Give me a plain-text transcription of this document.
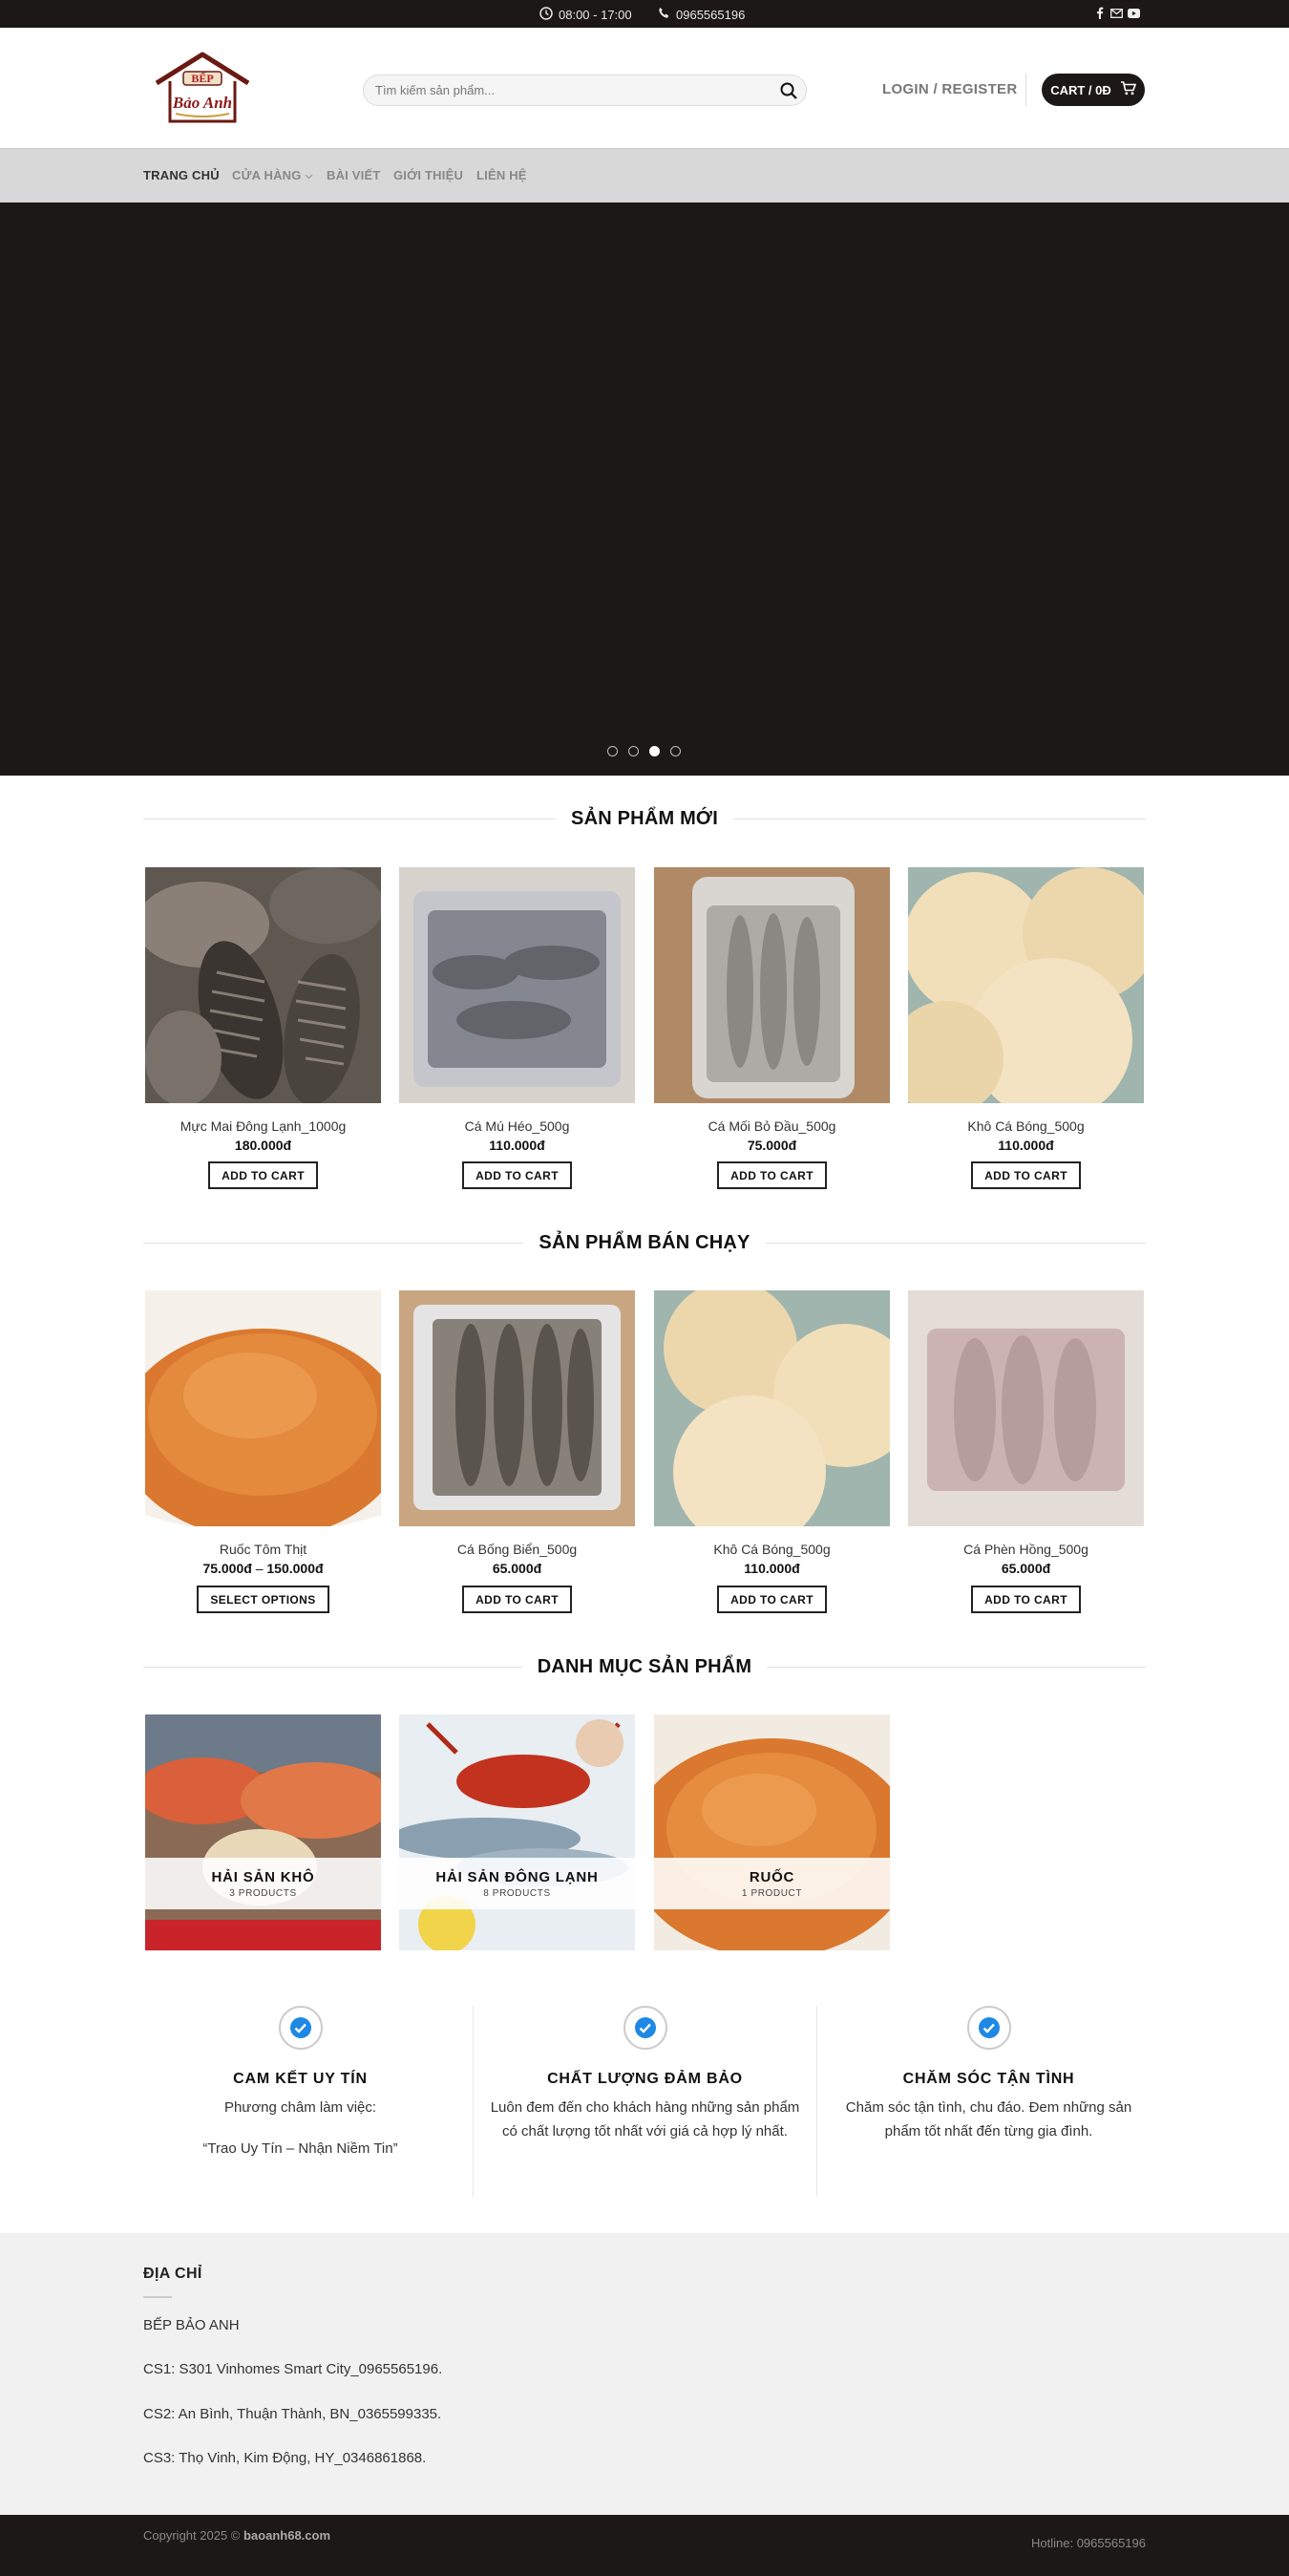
08:00 - 17:00	0965565196
BẾP
Bảo Anh
Tìm kiếm sản phẩm...
LOGIN / REGISTER	CART / 0Đ
TRANG CHỦ CỬA HÀNG BÀI VIẾT GIỚI THIỆU LIÊN HỆ
SẢN PHẨM MỚI
Mực Mai Đông Lạnh_1000g
180.000đ
ADD TO CART
Cá Mú Héo_500g
110.000đ
ADD TO CART
Cá Mối Bỏ Đầu_500g
75.000đ
ADD TO CART
Khô Cá Bóng_500g
110.000đ
ADD TO CART
SẢN PHẨM BÁN CHẠY
Ruốc Tôm Thịt
75.000đ – 150.000đ
SELECT OPTIONS
Cá Bống Biển_500g
65.000đ
ADD TO CART
Khô Cá Bóng_500g
110.000đ
ADD TO CART
Cá Phèn Hồng_500g
65.000đ
ADD TO CART
DANH MỤC SẢN PHẨM
HẢI SẢN KHÔ
3 PRODUCTS
HẢI SẢN ĐÔNG LẠNH
8 PRODUCTS
RUỐC
1 PRODUCT
CAM KẾT UY TÍN

Phương châm làm việc:

“Trao Uy Tín – Nhận Niềm Tin”

CHẤT LƯỢNG ĐẢM BẢO

Luôn đem đến cho khách hàng những sản phẩm có chất lượng tốt nhất với giá cả hợp lý nhất.

CHĂM SÓC TẬN TÌNH

Chăm sóc tận tình, chu đáo. Đem những sản phẩm tốt nhất đến từng gia đình.

ĐỊA CHỈ
BẾP BẢO ANH
CS1: S301 Vinhomes Smart City_0965565196.
CS2: An Bình, Thuận Thành, BN_0365599335.
CS3: Thọ Vinh, Kim Động, HY_0346861868.
Copyright 2025 © baoanh68.com
Hotline: 0965565196
